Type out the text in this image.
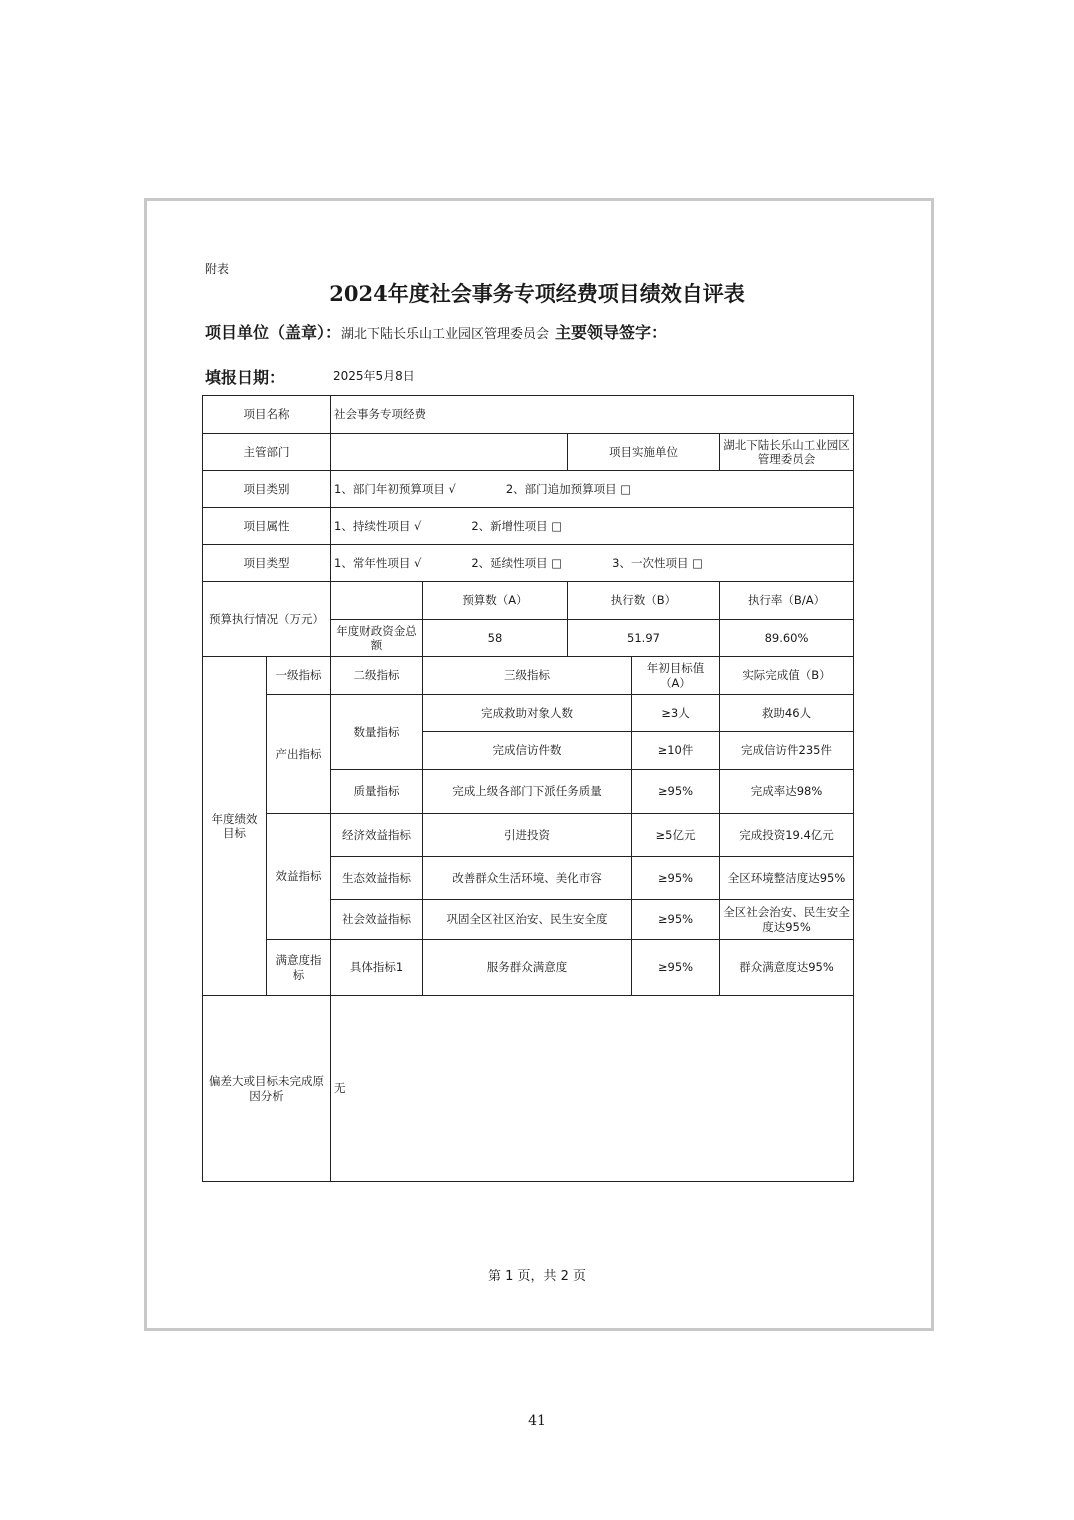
附表
2024年度社会事务专项经费项目绩效自评表
项目单位（盖章）：湖北下陆长乐山工业园区管理委员会 主要领导签字：
填报日期：	2025年5月8日
项目名称		社会事务专项经费				
主管部门				项目实施单位		湖北下陆长乐山工业园区管理委员会
项目类别		1、部门年初预算项目 √ 2、部门追加预算项目 □				
项目属性		1、持续性项目 √ 2、新增性项目 □				
项目类型		1、常年性项目 √ 2、延续性项目 □ 3、一次性项目 □				
预算执行情况（万元）			预算数（A）	执行数（B）		执行率（B/A）
		年度财政资金总额	58	51.97		89.60%
年度绩效目标	一级指标	二级指标	三级指标		年初目标值（A）	实际完成值（B）
	产出指标	数量指标	完成救助对象人数		≥3人	救助46人
			完成信访件数		≥10件	完成信访件235件
		质量指标	完成上级各部门下派任务质量		≥95%	完成率达98%
	效益指标	经济效益指标	引进投资		≥5亿元	完成投资19.4亿元
		生态效益指标	改善群众生活环境、美化市容		≥95%	全区环境整洁度达95%
		社会效益指标	巩固全区社区治安、民生安全度		≥95%	全区社会治安、民生安全度达95%
	满意度指标	具体指标1	服务群众满意度		≥95%	群众满意度达95%
偏差大或目标未完成原因分析		无				
第 1 页，共 2 页
41
